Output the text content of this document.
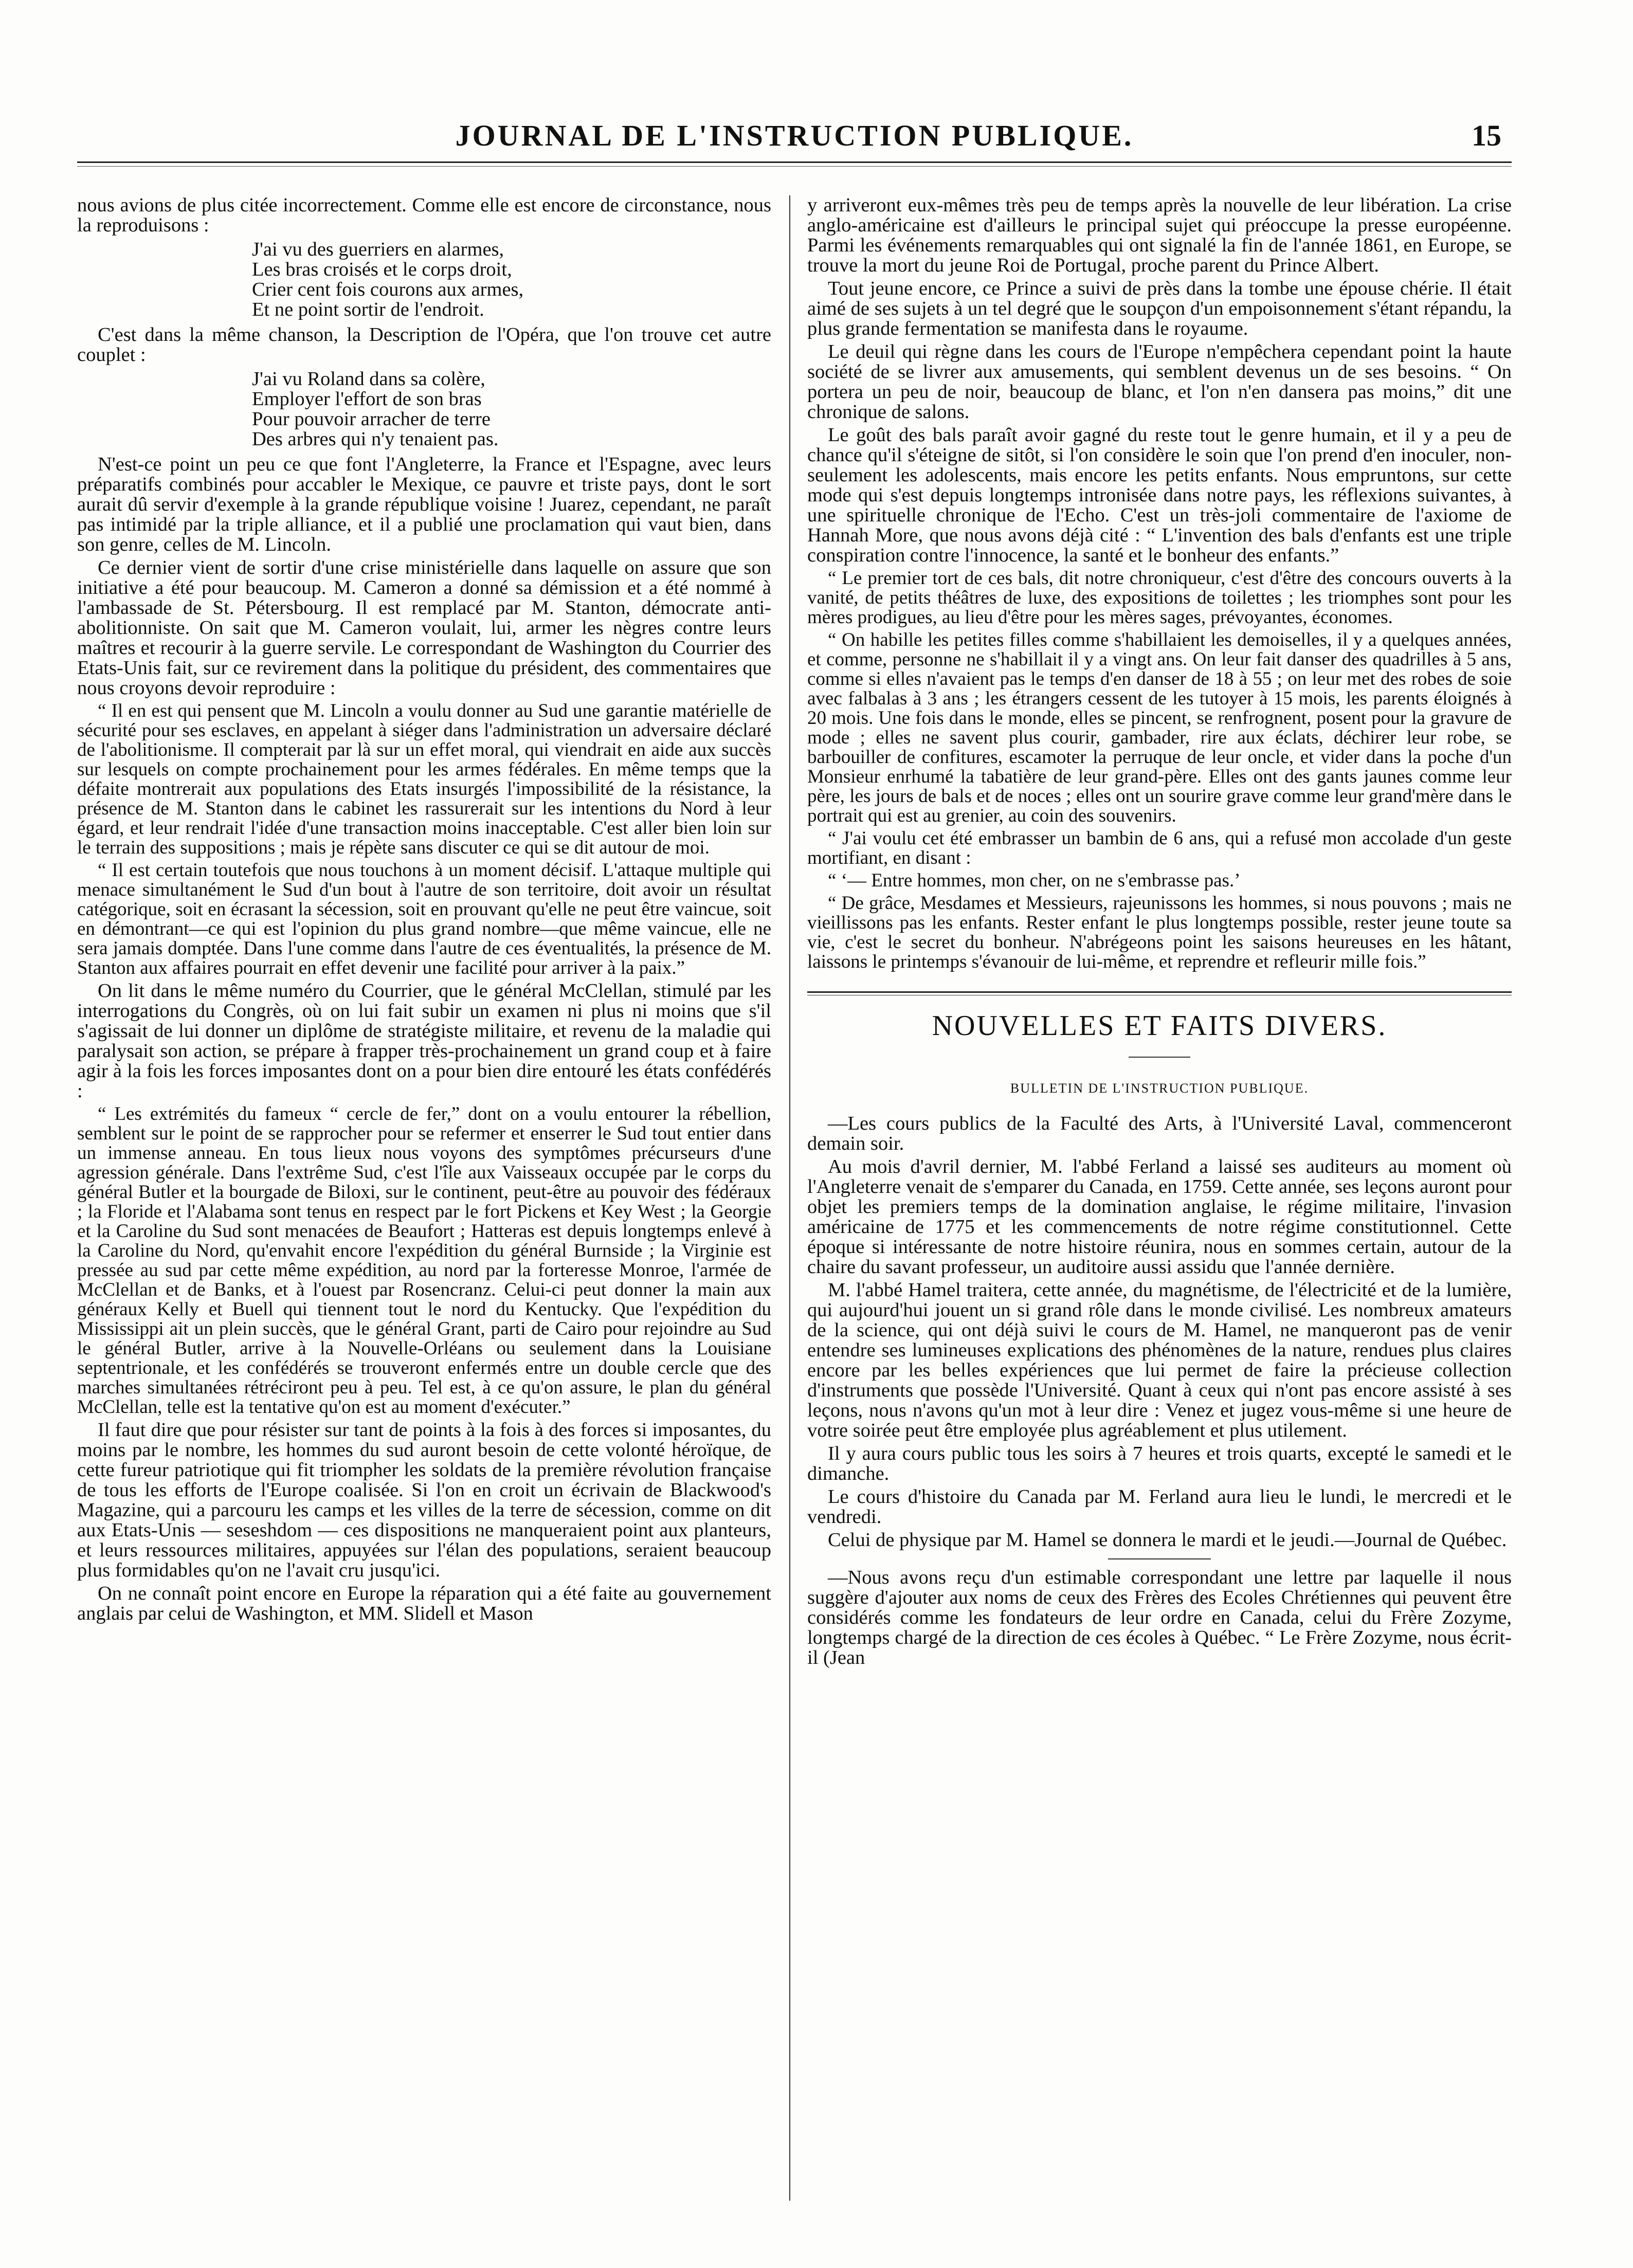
JOURNAL DE L'INSTRUCTION PUBLIQUE.	15

nous avions de plus citée incorrectement. Comme elle est encore de circonstance, nous la reproduisons :

J'ai vu des guerriers en alarmes,
Les bras croisés et le corps droit,
Crier cent fois courons aux armes,
Et ne point sortir de l'endroit.

C'est dans la même chanson, la Description de l'Opéra, que l'on trouve cet autre couplet :

J'ai vu Roland dans sa colère,
Employer l'effort de son bras
Pour pouvoir arracher de terre
Des arbres qui n'y tenaient pas.

N'est-ce point un peu ce que font l'Angleterre, la France et l'Espagne, avec leurs préparatifs combinés pour accabler le Mexique, ce pauvre et triste pays, dont le sort aurait dû servir d'exemple à la grande république voisine ! Juarez, cependant, ne paraît pas intimidé par la triple alliance, et il a publié une proclamation qui vaut bien, dans son genre, celles de M. Lincoln.

Ce dernier vient de sortir d'une crise ministérielle dans laquelle on assure que son initiative a été pour beaucoup. M. Cameron a donné sa démission et a été nommé à l'ambassade de St. Pétersbourg. Il est remplacé par M. Stanton, démocrate anti-abolitionniste. On sait que M. Cameron voulait, lui, armer les nègres contre leurs maîtres et recourir à la guerre servile. Le correspondant de Washington du Courrier des Etats-Unis fait, sur ce revirement dans la politique du président, des commentaires que nous croyons devoir reproduire :

“ Il en est qui pensent que M. Lincoln a voulu donner au Sud une garantie matérielle de sécurité pour ses esclaves, en appelant à siéger dans l'administration un adversaire déclaré de l'abolitionisme. Il compterait par là sur un effet moral, qui viendrait en aide aux succès sur lesquels on compte prochainement pour les armes fédérales. En même temps que la défaite montrerait aux populations des Etats insurgés l'impossibilité de la résistance, la présence de M. Stanton dans le cabinet les rassurerait sur les intentions du Nord à leur égard, et leur rendrait l'idée d'une transaction moins inacceptable. C'est aller bien loin sur le terrain des suppositions ; mais je répète sans discuter ce qui se dit autour de moi.

“ Il est certain toutefois que nous touchons à un moment décisif. L'attaque multiple qui menace simultanément le Sud d'un bout à l'autre de son territoire, doit avoir un résultat catégorique, soit en écrasant la sécession, soit en prouvant qu'elle ne peut être vaincue, soit en démontrant—ce qui est l'opinion du plus grand nombre—que même vaincue, elle ne sera jamais domptée. Dans l'une comme dans l'autre de ces éventualités, la présence de M. Stanton aux affaires pourrait en effet devenir une facilité pour arriver à la paix.”

On lit dans le même numéro du Courrier, que le général McClellan, stimulé par les interrogations du Congrès, où on lui fait subir un examen ni plus ni moins que s'il s'agissait de lui donner un diplôme de stratégiste militaire, et revenu de la maladie qui paralysait son action, se prépare à frapper très-prochainement un grand coup et à faire agir à la fois les forces imposantes dont on a pour bien dire entouré les états confédérés :

“ Les extrémités du fameux “ cercle de fer,” dont on a voulu entourer la rébellion, semblent sur le point de se rapprocher pour se refermer et enserrer le Sud tout entier dans un immense anneau. En tous lieux nous voyons des symptômes précurseurs d'une agression générale. Dans l'extrême Sud, c'est l'île aux Vaisseaux occupée par le corps du général Butler et la bourgade de Biloxi, sur le continent, peut-être au pouvoir des fédéraux ; la Floride et l'Alabama sont tenus en respect par le fort Pickens et Key West ; la Georgie et la Caroline du Sud sont menacées de Beaufort ; Hatteras est depuis longtemps enlevé à la Caroline du Nord, qu'envahit encore l'expédition du général Burnside ; la Virginie est pressée au sud par cette même expédition, au nord par la forteresse Monroe, l'armée de McClellan et de Banks, et à l'ouest par Rosencranz. Celui-ci peut donner la main aux généraux Kelly et Buell qui tiennent tout le nord du Kentucky. Que l'expédition du Mississippi ait un plein succès, que le général Grant, parti de Cairo pour rejoindre au Sud le général Butler, arrive à la Nouvelle-Orléans ou seulement dans la Louisiane septentrionale, et les confédérés se trouveront enfermés entre un double cercle que des marches simultanées rétréciront peu à peu. Tel est, à ce qu'on assure, le plan du général McClellan, telle est la tentative qu'on est au moment d'exécuter.”

Il faut dire que pour résister sur tant de points à la fois à des forces si imposantes, du moins par le nombre, les hommes du sud auront besoin de cette volonté héroïque, de cette fureur patriotique qui fit triompher les soldats de la première révolution française de tous les efforts de l'Europe coalisée. Si l'on en croit un écrivain de Blackwood's Magazine, qui a parcouru les camps et les villes de la terre de sécession, comme on dit aux Etats-Unis — seseshdom — ces dispositions ne manqueraient point aux planteurs, et leurs ressources militaires, appuyées sur l'élan des populations, seraient beaucoup plus formidables qu'on ne l'avait cru jusqu'ici.

On ne connaît point encore en Europe la réparation qui a été faite au gouvernement anglais par celui de Washington, et MM. Slidell et Mason

y arriveront eux-mêmes très peu de temps après la nouvelle de leur libération. La crise anglo-américaine est d'ailleurs le principal sujet qui préoccupe la presse européenne. Parmi les événements remarquables qui ont signalé la fin de l'année 1861, en Europe, se trouve la mort du jeune Roi de Portugal, proche parent du Prince Albert.

Tout jeune encore, ce Prince a suivi de près dans la tombe une épouse chérie. Il était aimé de ses sujets à un tel degré que le soupçon d'un empoisonnement s'étant répandu, la plus grande fermentation se manifesta dans le royaume.

Le deuil qui règne dans les cours de l'Europe n'empêchera cependant point la haute société de se livrer aux amusements, qui semblent devenus un de ses besoins. “ On portera un peu de noir, beaucoup de blanc, et l'on n'en dansera pas moins,” dit une chronique de salons.

Le goût des bals paraît avoir gagné du reste tout le genre humain, et il y a peu de chance qu'il s'éteigne de sitôt, si l'on considère le soin que l'on prend d'en inoculer, non-seulement les adolescents, mais encore les petits enfants. Nous empruntons, sur cette mode qui s'est depuis longtemps intronisée dans notre pays, les réflexions suivantes, à une spirituelle chronique de l'Echo. C'est un très-joli commentaire de l'axiome de Hannah More, que nous avons déjà cité : “ L'invention des bals d'enfants est une triple conspiration contre l'innocence, la santé et le bonheur des enfants.”

“ Le premier tort de ces bals, dit notre chroniqueur, c'est d'être des concours ouverts à la vanité, de petits théâtres de luxe, des expositions de toilettes ; les triomphes sont pour les mères prodigues, au lieu d'être pour les mères sages, prévoyantes, économes.

“ On habille les petites filles comme s'habillaient les demoiselles, il y a quelques années, et comme, personne ne s'habillait il y a vingt ans. On leur fait danser des quadrilles à 5 ans, comme si elles n'avaient pas le temps d'en danser de 18 à 55 ; on leur met des robes de soie avec falbalas à 3 ans ; les étrangers cessent de les tutoyer à 15 mois, les parents éloignés à 20 mois. Une fois dans le monde, elles se pincent, se renfrognent, posent pour la gravure de mode ; elles ne savent plus courir, gambader, rire aux éclats, déchirer leur robe, se barbouiller de confitures, escamoter la perruque de leur oncle, et vider dans la poche d'un Monsieur enrhumé la tabatière de leur grand-père. Elles ont des gants jaunes comme leur père, les jours de bals et de noces ; elles ont un sourire grave comme leur grand'mère dans le portrait qui est au grenier, au coin des souvenirs.

“ J'ai voulu cet été embrasser un bambin de 6 ans, qui a refusé mon accolade d'un geste mortifiant, en disant :

“ ‘— Entre hommes, mon cher, on ne s'embrasse pas.’

“ De grâce, Mesdames et Messieurs, rajeunissons les hommes, si nous pouvons ; mais ne vieillissons pas les enfants. Rester enfant le plus longtemps possible, rester jeune toute sa vie, c'est le secret du bonheur. N'abrégeons point les saisons heureuses en les hâtant, laissons le printemps s'évanouir de lui-même, et reprendre et refleurir mille fois.”

NOUVELLES ET FAITS DIVERS.
BULLETIN DE L'INSTRUCTION PUBLIQUE.

—Les cours publics de la Faculté des Arts, à l'Université Laval, commenceront demain soir.

Au mois d'avril dernier, M. l'abbé Ferland a laissé ses auditeurs au moment où l'Angleterre venait de s'emparer du Canada, en 1759. Cette année, ses leçons auront pour objet les premiers temps de la domination anglaise, le régime militaire, l'invasion américaine de 1775 et les commencements de notre régime constitutionnel. Cette époque si intéressante de notre histoire réunira, nous en sommes certain, autour de la chaire du savant professeur, un auditoire aussi assidu que l'année dernière.

M. l'abbé Hamel traitera, cette année, du magnétisme, de l'électricité et de la lumière, qui aujourd'hui jouent un si grand rôle dans le monde civilisé. Les nombreux amateurs de la science, qui ont déjà suivi le cours de M. Hamel, ne manqueront pas de venir entendre ses lumineuses explications des phénomènes de la nature, rendues plus claires encore par les belles expériences que lui permet de faire la précieuse collection d'instruments que possède l'Université. Quant à ceux qui n'ont pas encore assisté à ses leçons, nous n'avons qu'un mot à leur dire : Venez et jugez vous-même si une heure de votre soirée peut être employée plus agréablement et plus utilement.

Il y aura cours public tous les soirs à 7 heures et trois quarts, excepté le samedi et le dimanche.

Le cours d'histoire du Canada par M. Ferland aura lieu le lundi, le mercredi et le vendredi.

Celui de physique par M. Hamel se donnera le mardi et le jeudi.—Journal de Québec.

—Nous avons reçu d'un estimable correspondant une lettre par laquelle il nous suggère d'ajouter aux noms de ceux des Frères des Ecoles Chrétiennes qui peuvent être considérés comme les fondateurs de leur ordre en Canada, celui du Frère Zozyme, longtemps chargé de la direction de ces écoles à Québec. “ Le Frère Zozyme, nous écrit-il (Jean
